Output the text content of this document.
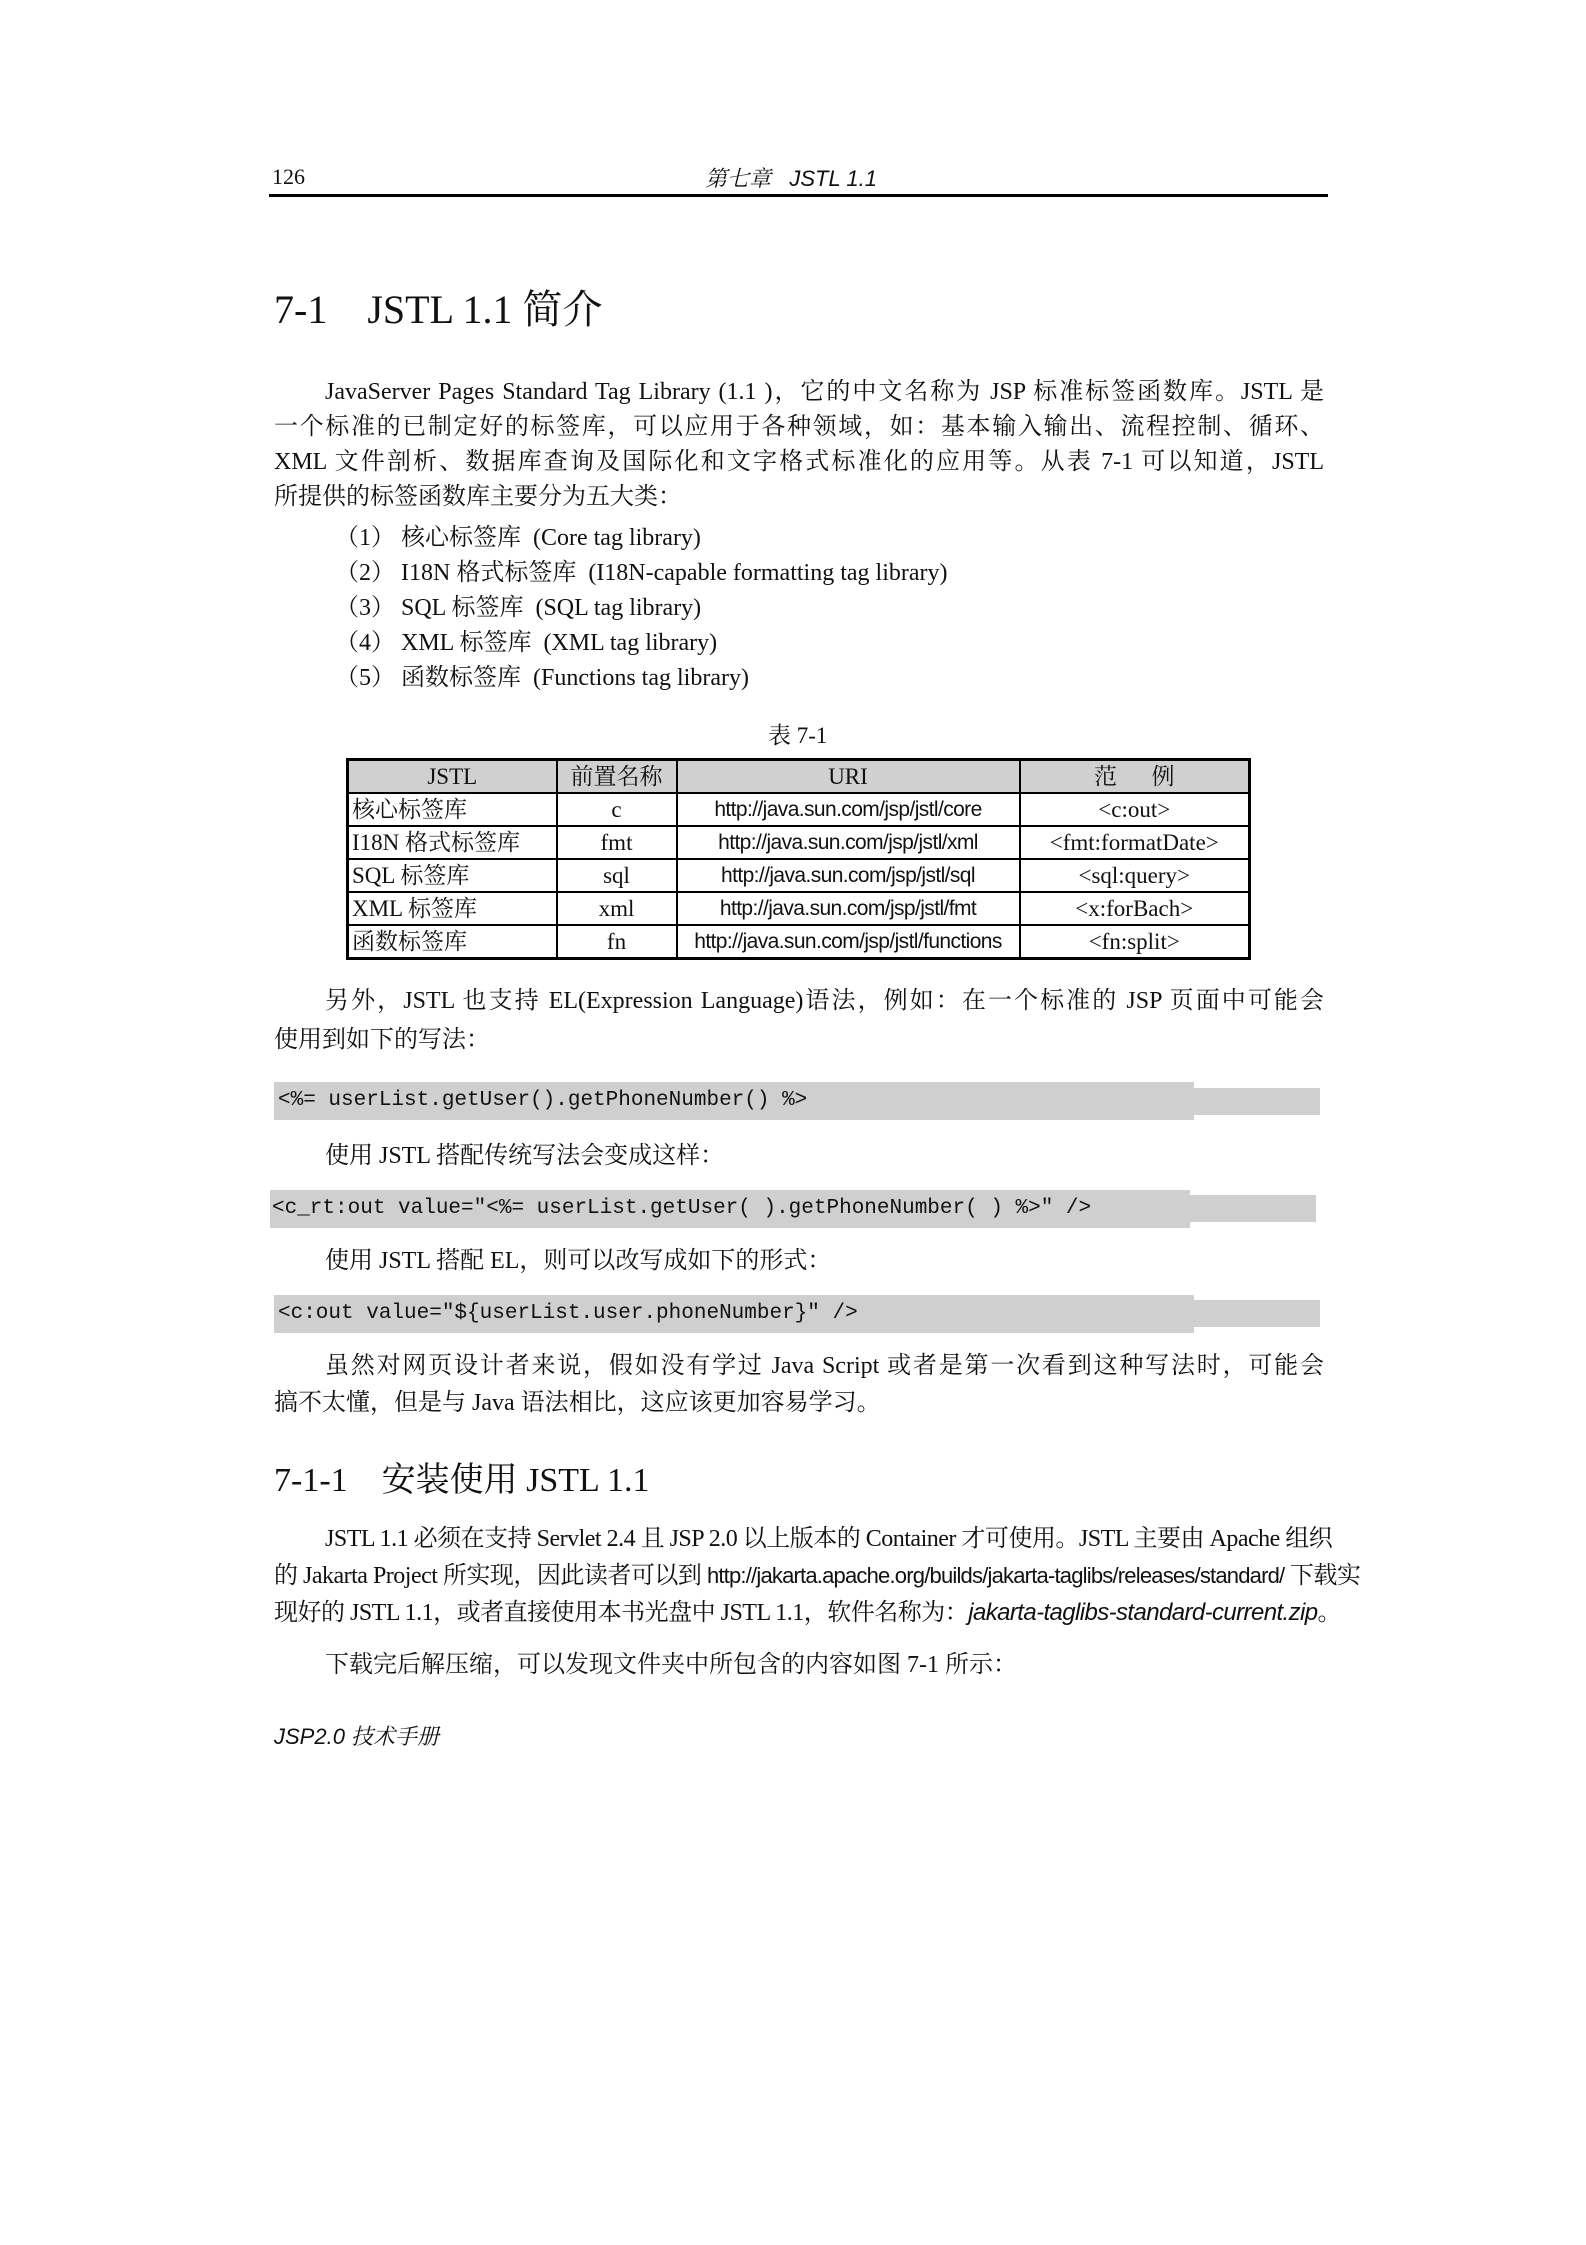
126	第七章   JSTL 1.1
7-1    JSTL 1.1 简介
JavaServer Pages Standard Tag Library (1.1 )，它的中文名称为 JSP 标准标签函数库。JSTL 是
一个标准的已制定好的标签库，可以应用于各种领域，如：基本输入输出、流程控制、循环、
XML 文件剖析、数据库查询及国际化和文字格式标准化的应用等。从表 7-1 可以知道，JSTL
所提供的标签函数库主要分为五大类：
（1） 核心标签库  (Core tag library)
（2） I18N 格式标签库  (I18N-capable formatting tag library)
（3） SQL 标签库  (SQL tag library)
（4） XML 标签库  (XML tag library)
（5） 函数标签库  (Functions tag library)
表 7-1
JSTL	前置名称	URI	范      例
核心标签库	c	http://java.sun.com/jsp/jstl/core	<c:out>
I18N 格式标签库	fmt	http://java.sun.com/jsp/jstl/xml	<fmt:formatDate>
SQL 标签库	sql	http://java.sun.com/jsp/jstl/sql	<sql:query>
XML 标签库	xml	http://java.sun.com/jsp/jstl/fmt	<x:forBach>
函数标签库	fn	http://java.sun.com/jsp/jstl/functions	<fn:split>
另外，JSTL 也支持 EL(Expression Language)语法，例如：在一个标准的 JSP 页面中可能会
使用到如下的写法：
<%= userList.getUser().getPhoneNumber() %>
使用 JSTL 搭配传统写法会变成这样：
<c_rt:out value="<%= userList.getUser( ).getPhoneNumber( ) %>" />
使用 JSTL 搭配 EL，则可以改写成如下的形式：
<c:out value="${userList.user.phoneNumber}" />
虽然对网页设计者来说，假如没有学过 Java Script 或者是第一次看到这种写法时，可能会
搞不太懂，但是与 Java 语法相比，这应该更加容易学习。
7-1-1    安装使用 JSTL 1.1
JSTL 1.1 必须在支持 Servlet 2.4 且 JSP 2.0 以上版本的 Container 才可使用。JSTL 主要由 Apache 组织
的 Jakarta Project 所实现，因此读者可以到 http://jakarta.apache.org/builds/jakarta-taglibs/releases/standard/ 下载实
现好的 JSTL 1.1，或者直接使用本书光盘中 JSTL 1.1，软件名称为：jakarta-taglibs-standard-current.zip。
下载完后解压缩，可以发现文件夹中所包含的内容如图 7-1 所示：
JSP2.0 技术手册
